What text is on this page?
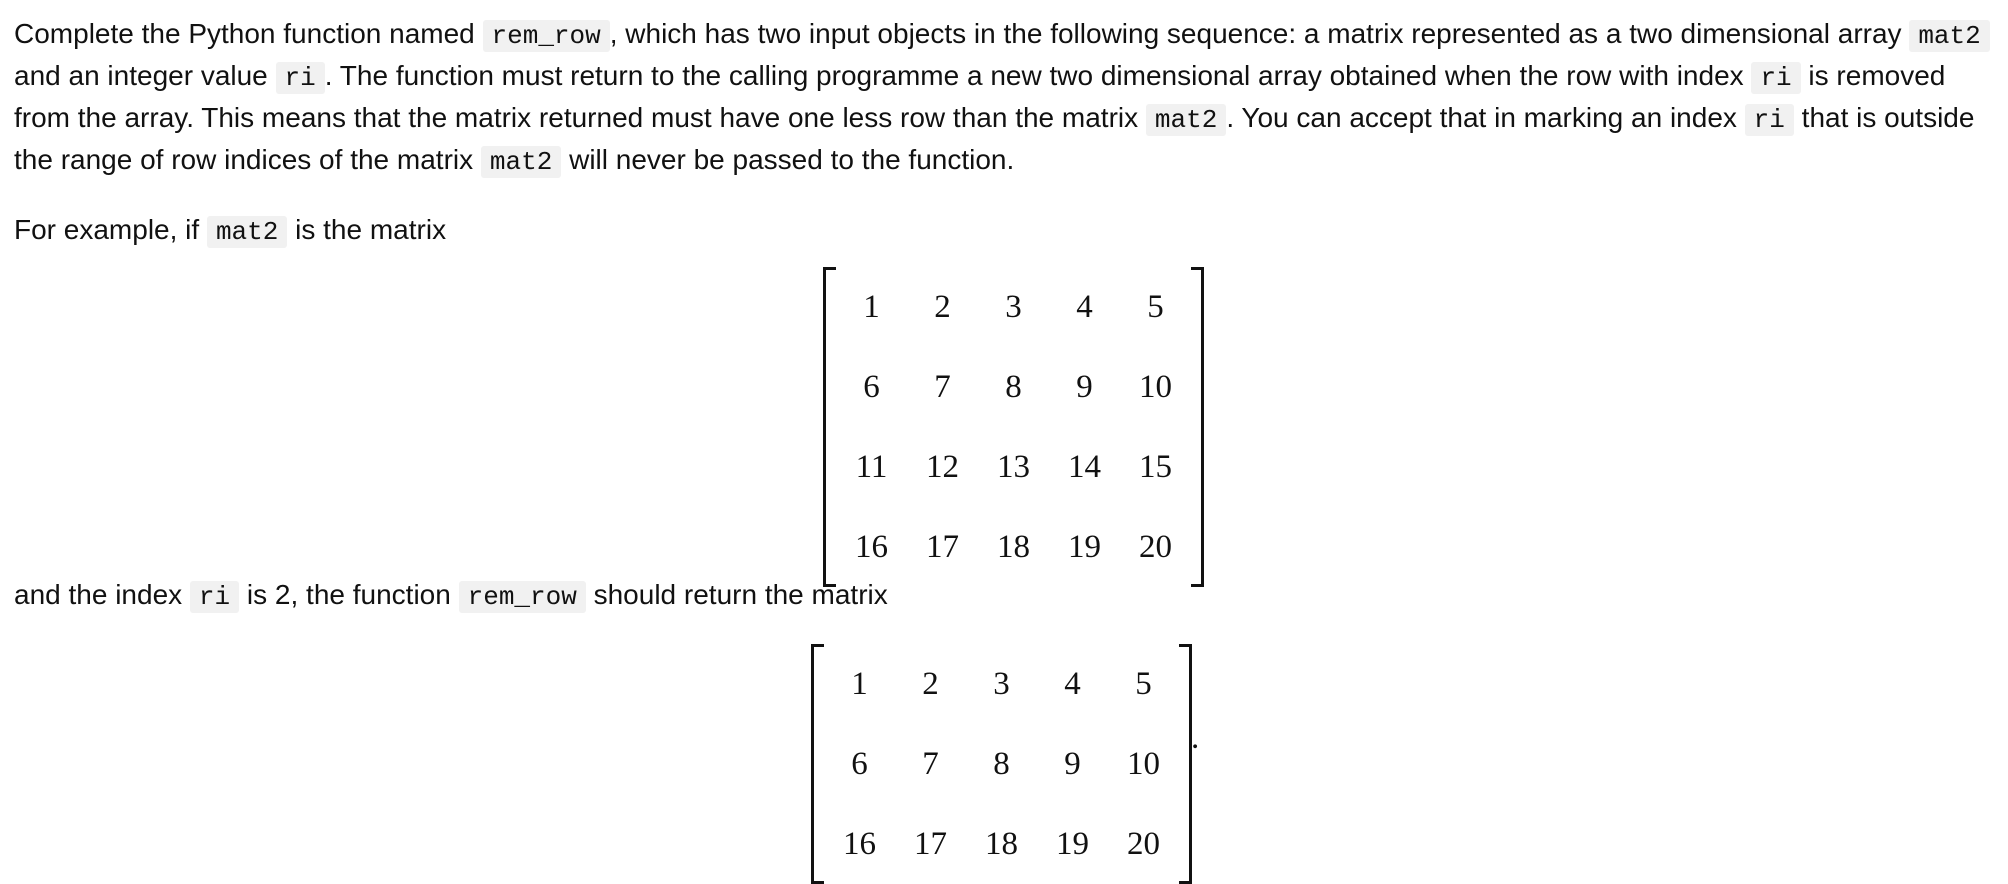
Complete the Python function named rem_row , which has two input objects in the following sequence: a matrix represented as a two dimensional array mat2 and an integer value ri . The function must return to the calling programme a new two dimensional array obtained when the row with index ri is removed from the array. This means that the matrix returned must have one less row than the matrix mat2 . You can accept that in marking an index ri that is outside the range of row indices of the matrix mat2 will never be passed to the function.

For example, if mat2 is the matrix

1	2	3	4	5
6	7	8	9	10
11	12	13	14	15
16	17	18	19	20

and the index ri is 2, the function rem_row should return the matrix

1	2	3	4	5
6	7	8	9	10
16	17	18	19	20
.
